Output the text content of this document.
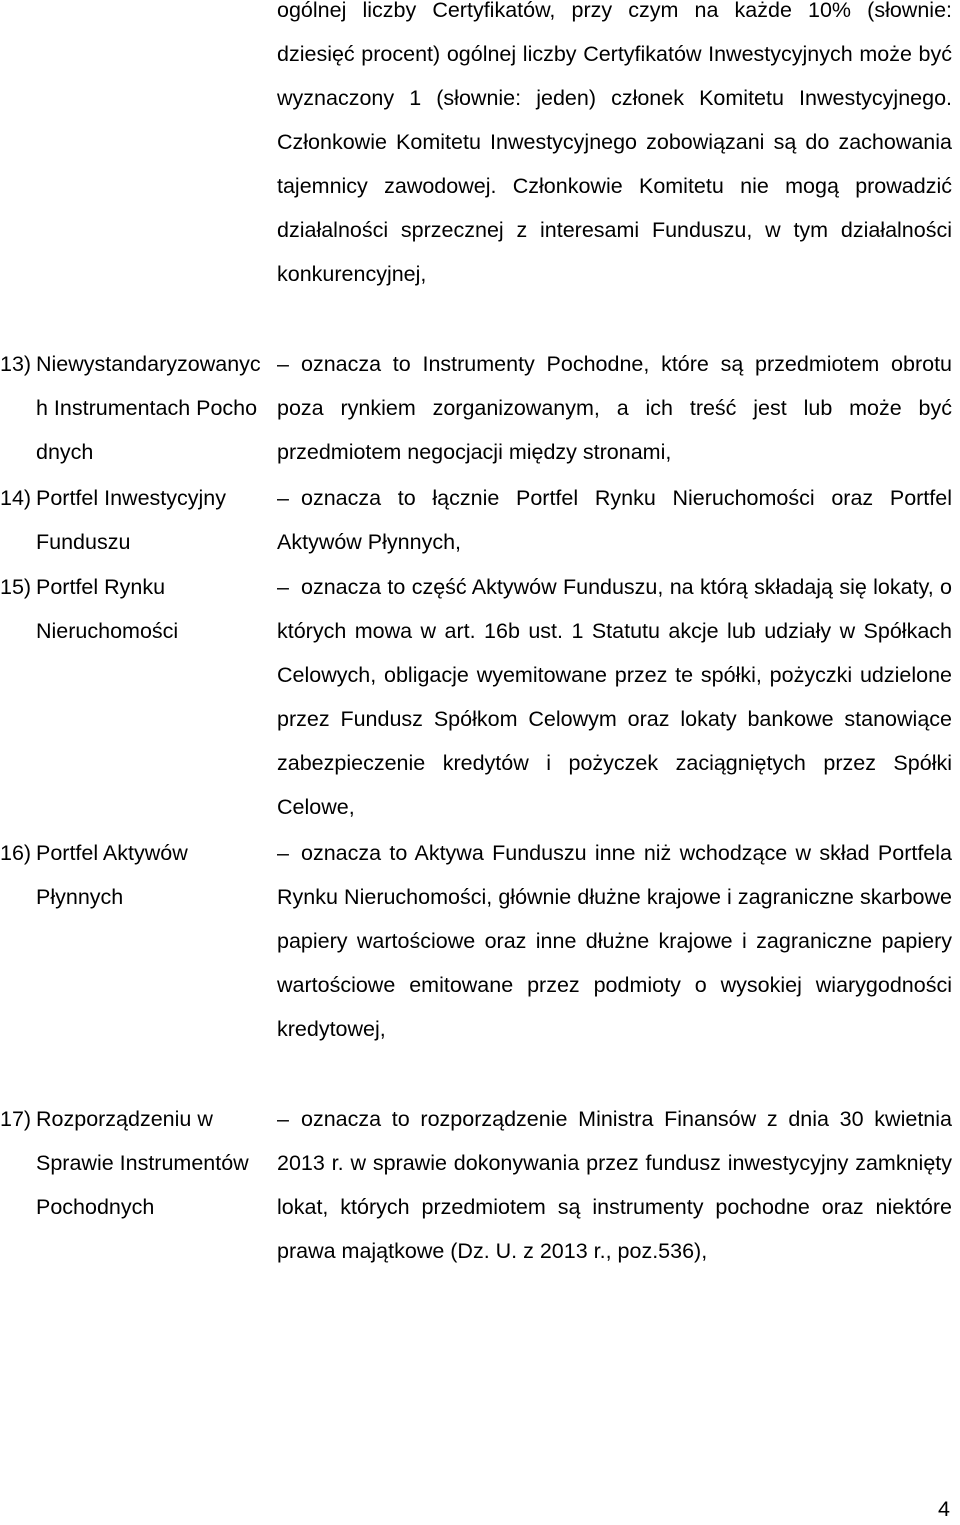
ogólnej liczby Certyfikatów, przy czym na każde 10% (słownie: dziesięć procent) ogólnej liczby Certyfikatów Inwestycyjnych może być wyznaczony 1 (słownie: jeden) członek Komitetu Inwestycyjnego. Członkowie Komitetu Inwestycyjnego zobowiązani są do zachowania tajemnicy zawodowej. Członkowie Komitetu nie mogą prowadzić działalności sprzecznej z interesami Funduszu, w tym działalności konkurencyjnej,

13) Niewystandaryzowanych Instrumentach Pochodnych

– oznacza to Instrumenty Pochodne, które są przedmiotem obrotu poza rynkiem zorganizowanym, a ich treść jest lub może być przedmiotem negocjacji między stronami,

14) Portfel Inwestycyjny Funduszu

– oznacza to łącznie Portfel Rynku Nieruchomości oraz Portfel Aktywów Płynnych,

15) Portfel Rynku Nieruchomości

– oznacza to część Aktywów Funduszu, na którą składają się lokaty, o których mowa w art. 16b ust. 1 Statutu akcje lub udziały w Spółkach Celowych, obligacje wyemitowane przez te spółki, pożyczki udzielone przez Fundusz Spółkom Celowym oraz lokaty bankowe stanowiące zabezpieczenie kredytów i pożyczek zaciągniętych przez Spółki Celowe,

16) Portfel Aktywów Płynnych

– oznacza to Aktywa Funduszu inne niż wchodzące w skład Portfela Rynku Nieruchomości, głównie dłużne krajowe i zagraniczne skarbowe papiery wartościowe oraz inne dłużne krajowe i zagraniczne papiery wartościowe emitowane przez podmioty o wysokiej wiarygodności kredytowej,

17) Rozporządzeniu w Sprawie Instrumentów Pochodnych

– oznacza to rozporządzenie Ministra Finansów z dnia 30 kwietnia 2013 r. w sprawie dokonywania przez fundusz inwestycyjny zamknięty lokat, których przedmiotem są instrumenty pochodne oraz niektóre prawa majątkowe (Dz. U. z 2013 r., poz.536),

4
